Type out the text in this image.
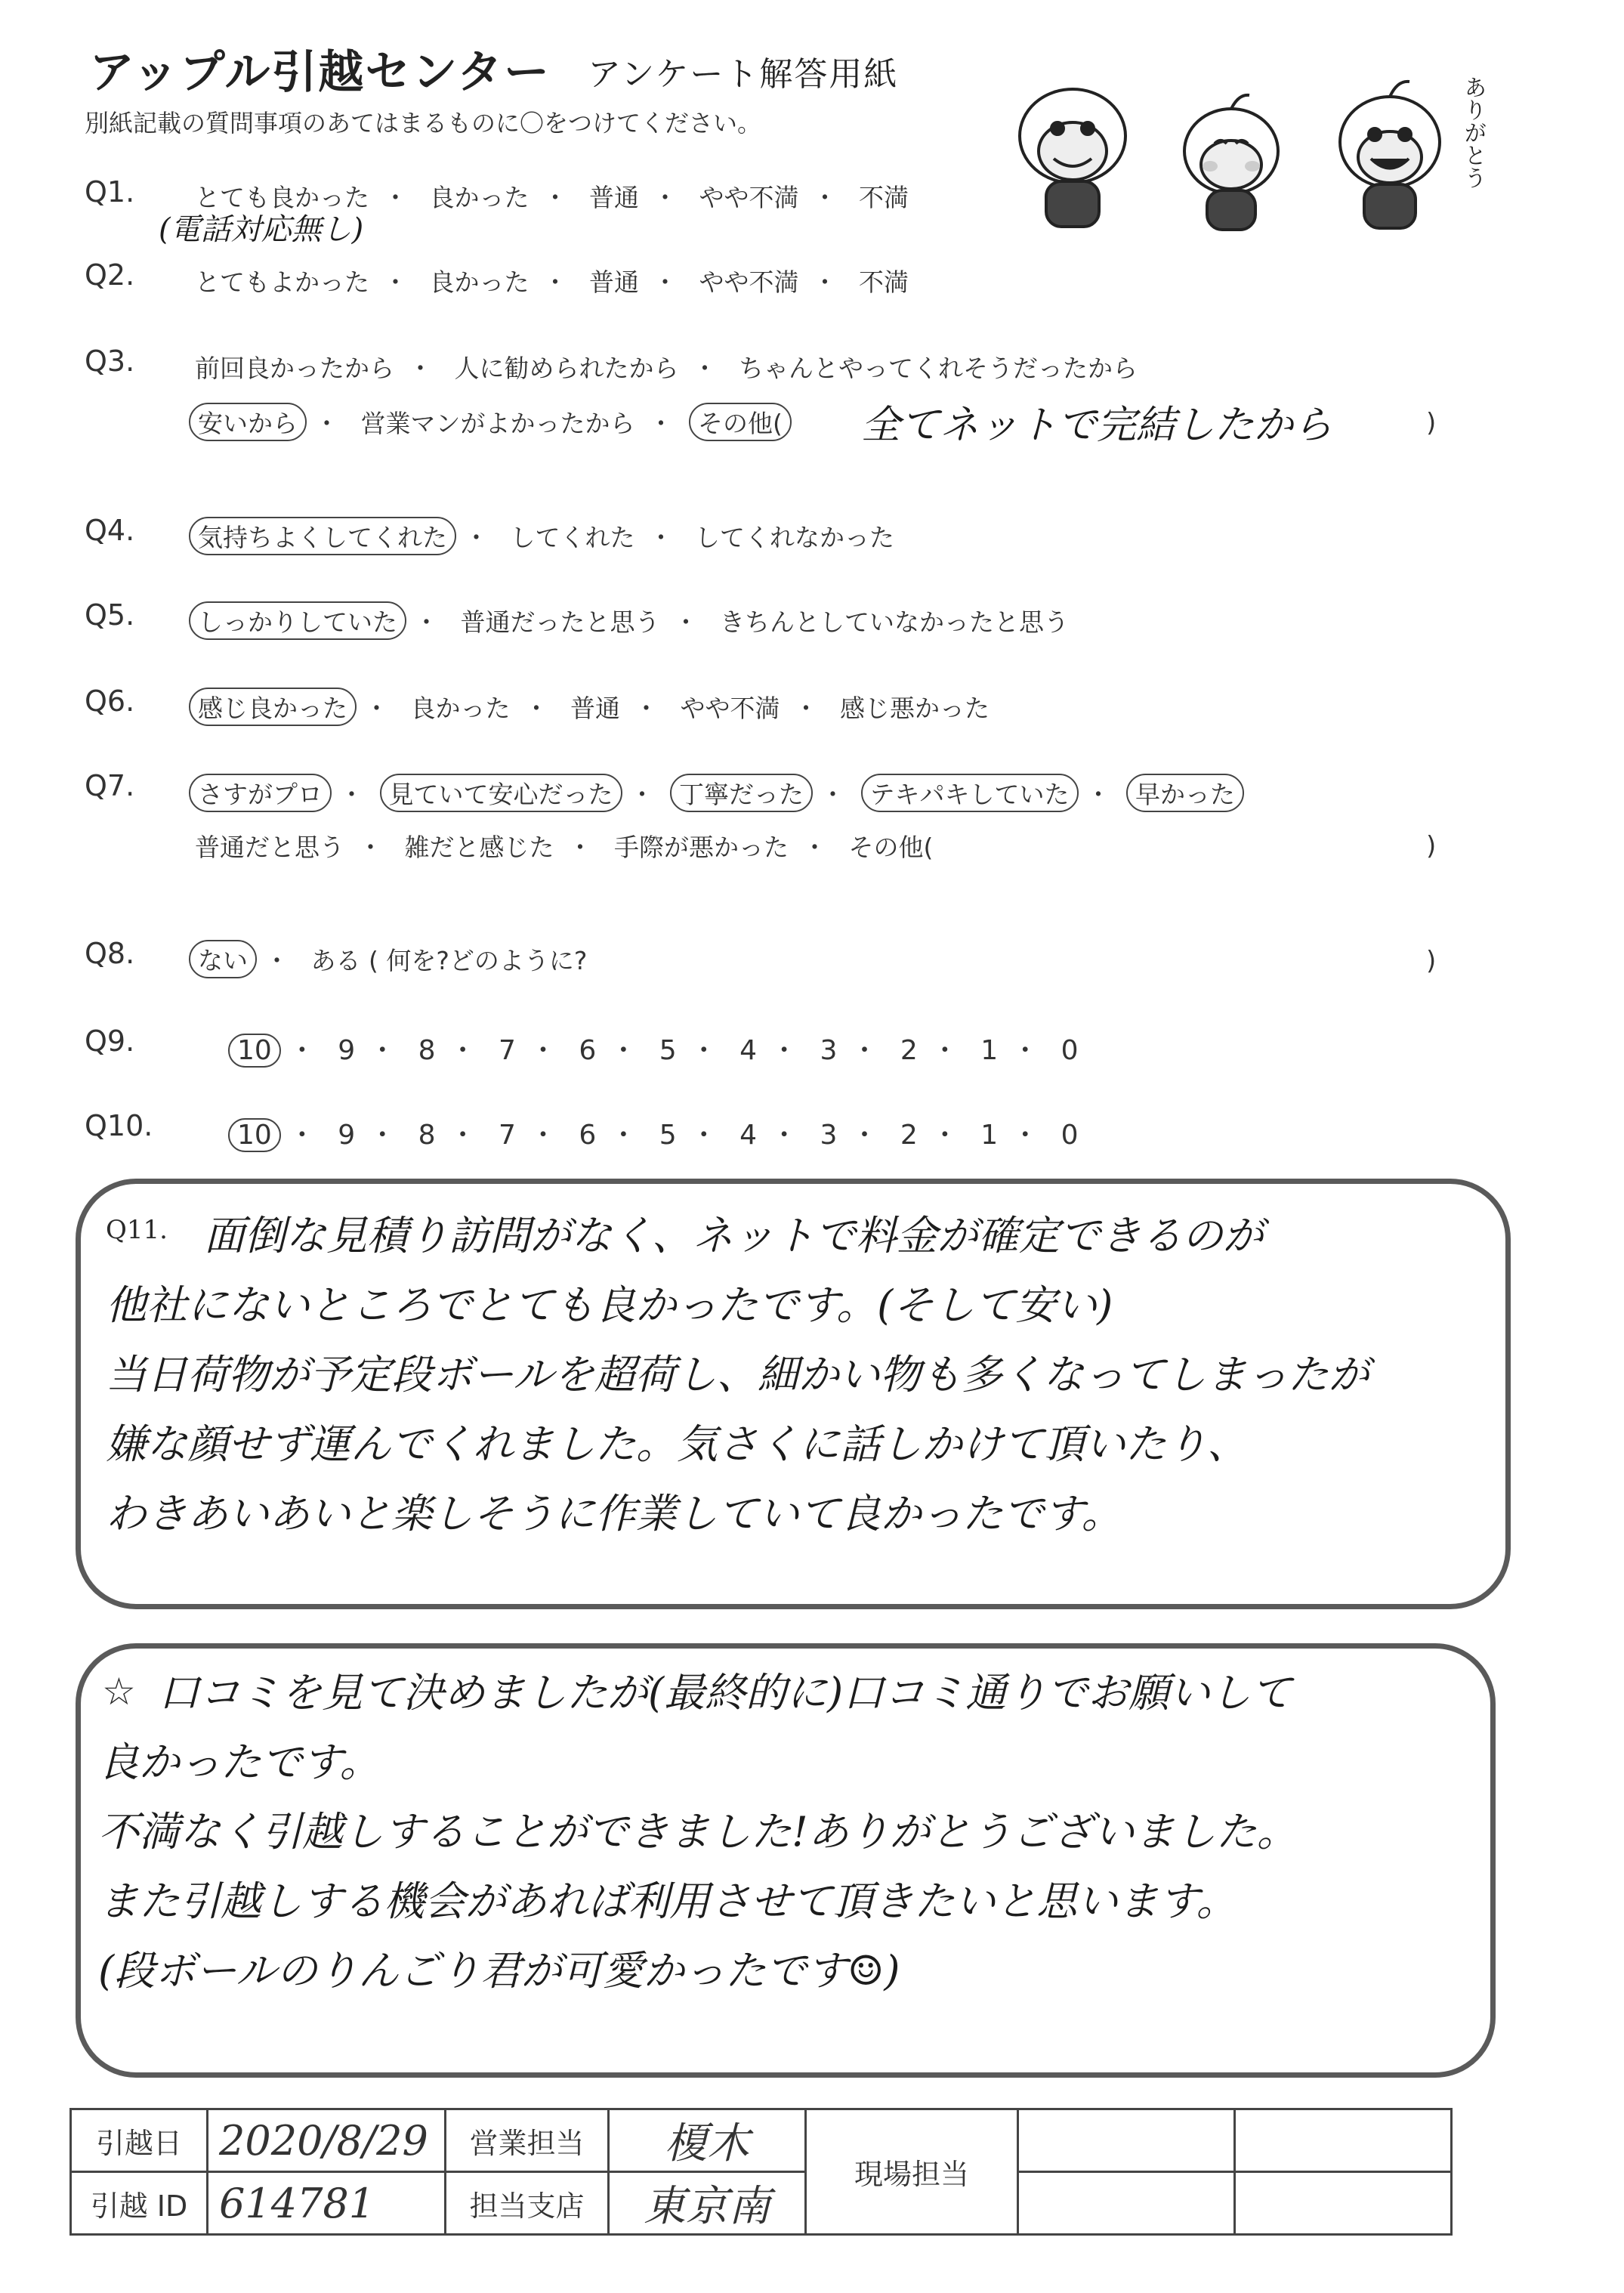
アップル引越センター アンケート解答用紙
別紙記載の質問事項のあてはまるものに〇をつけてください。	ありがとう
Q1. とても良かった ・ 良かった ・ 普通 ・ やや不満 ・ 不満
(電話対応無し)
Q2. とてもよかった ・ 良かった ・ 普通 ・ やや不満 ・ 不満
Q3. 前回良かったから ・ 人に勧められたから ・ ちゃんとやってくれそうだったから
安いから ・ 営業マンがよかったから ・ その他( 全てネットで完結したから	)
Q4.	気持ちよくしてくれた ・ してくれた ・ してくれなかった
Q5.	しっかりしていた ・ 普通だったと思う ・ きちんとしていなかったと思う
Q6.	感じ良かった ・ 良かった ・ 普通 ・ やや不満 ・ 感じ悪かった
Q7.	さすがプロ ・ 見ていて安心だった ・ 丁寧だった ・ テキパキしていた ・ 早かった
普通だと思う ・ 雑だと感じた ・ 手際が悪かった ・ その他(	)
Q8.	ない ・ ある ( 何を?どのように?	)
Q9.	10 ・ 9 ・ 8 ・ 7 ・ 6 ・ 5 ・ 4 ・ 3 ・ 2 ・ 1 ・ 0
Q10.	10 ・ 9 ・ 8 ・ 7 ・ 6 ・ 5 ・ 4 ・ 3 ・ 2 ・ 1 ・ 0
Q11. 面倒な見積り訪問がなく、ネットで料金が確定できるのが
他社にないところでとても良かったです。(そして安い)
当日荷物が予定段ボールを超荷し、細かい物も多くなってしまったが
嫌な顔せず運んでくれました。気さくに話しかけて頂いたり、
わきあいあいと楽しそうに作業していて良かったです。
☆ 口コミを見て決めましたが(最終的に)口コミ通りでお願いして
良かったです。
不満なく引越しすることができました!ありがとうございました。
また引越しする機会があれば利用させて頂きたいと思います。
(段ボールのりんごり君が可愛かったです☺)
引越日	2020/8/29	営業担当	榎木	現場担当		
引越 ID	614781	担当支店	東京南			
